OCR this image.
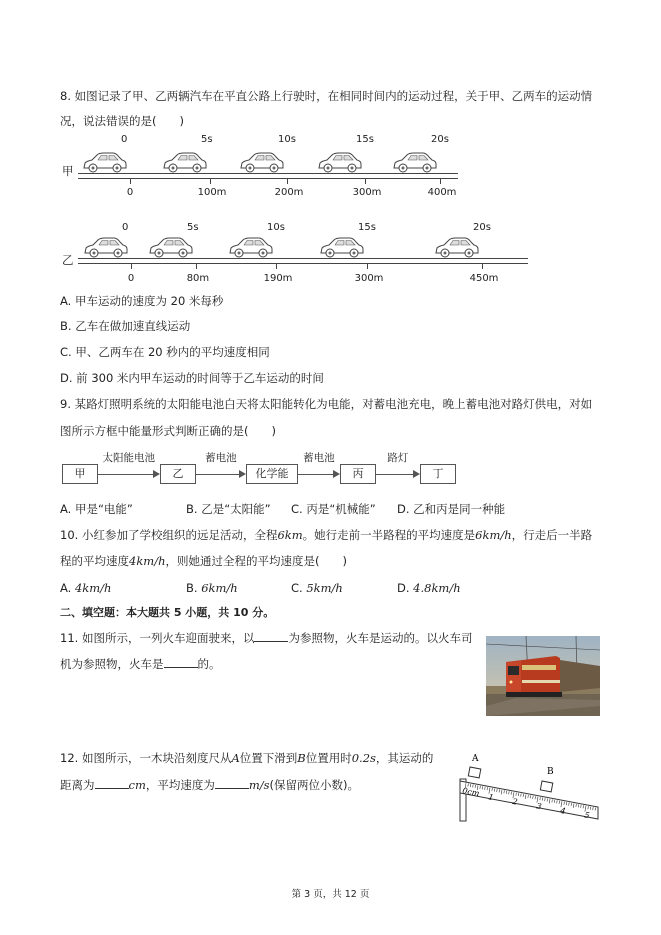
8. 如图记录了甲、乙两辆汽车在平直公路上行驶时，在相同时间内的运动过程，关于甲、乙两车的运动情
况，说法错误的是(　　)
甲
0
0
5s
100m
10s
200m
15s
300m
20s
400m
乙
0
0
5s
80m
10s
190m
15s
300m
20s
450m
A. 甲车运动的速度为 20 米每秒
B. 乙车在做加速直线运动
C. 甲、乙两车在 20 秒内的平均速度相同
D. 前 300 米内甲车运动的时间等于乙车运动的时间
9. 某路灯照明系统的太阳能电池白天将太阳能转化为电能，对蓄电池充电，晚上蓄电池对路灯供电，对如
图所示方框中能量形式判断正确的是(　　)
甲	乙	化学能	丙	丁
太阳能电池	蓄电池	蓄电池	路灯
A. 甲是“电能”	B. 乙是“太阳能” C. 丙是“机械能” D. 乙和丙是同一种能
10. 小红参加了学校组织的远足活动，全程6km。她行走前一半路程的平均速度是6km/h，行走后一半路
程的平均速度4km/h，则她通过全程的平均速度是(　　)
A. 4km/h	B. 6km/h	C. 5km/h	D. 4.8km/h
二、填空题：本大题共 5 小题，共 10 分。
11. 如图所示，一列火车迎面驶来，以	为参照物，火车是运动的。以火车司
机为参照物，火车是	的。
12. 如图所示，一木块沿刻度尺从A位置下滑到B位置用时0.2s，其运动的
距离为	cm，平均速度为	m/s(保留两位小数)。
A
B
0cm 1 2 3 4 5
第 3 页，共 12 页
